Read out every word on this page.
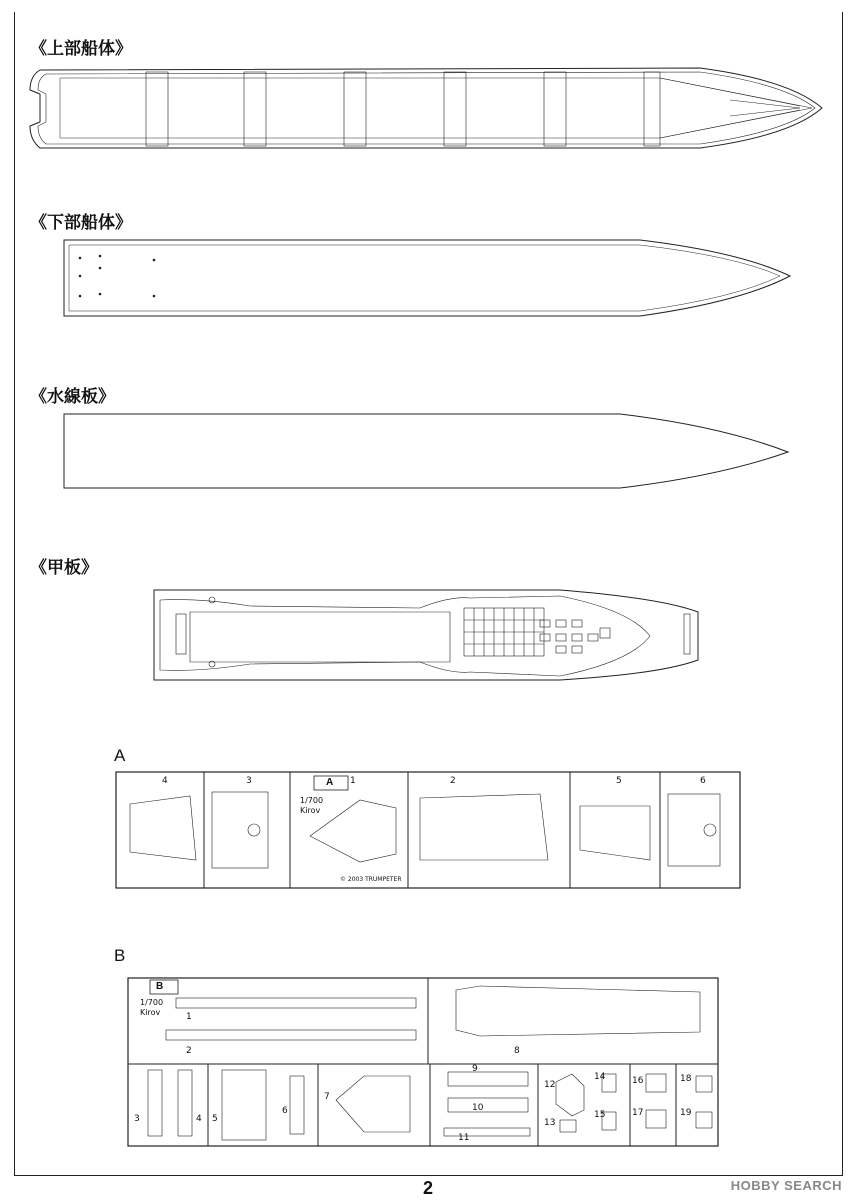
《上部船体》
《下部船体》
《水線板》
《甲板》
A
B
A
1/700
Kirov
© 2003 TRUMPETER
4	3	1	2	5	6
B
1/700
Kirov	1
2
3	4 5
6
7
8
9
10
11
12
13
14
15
16
17
18
19
2	HOBBY SEARCH
